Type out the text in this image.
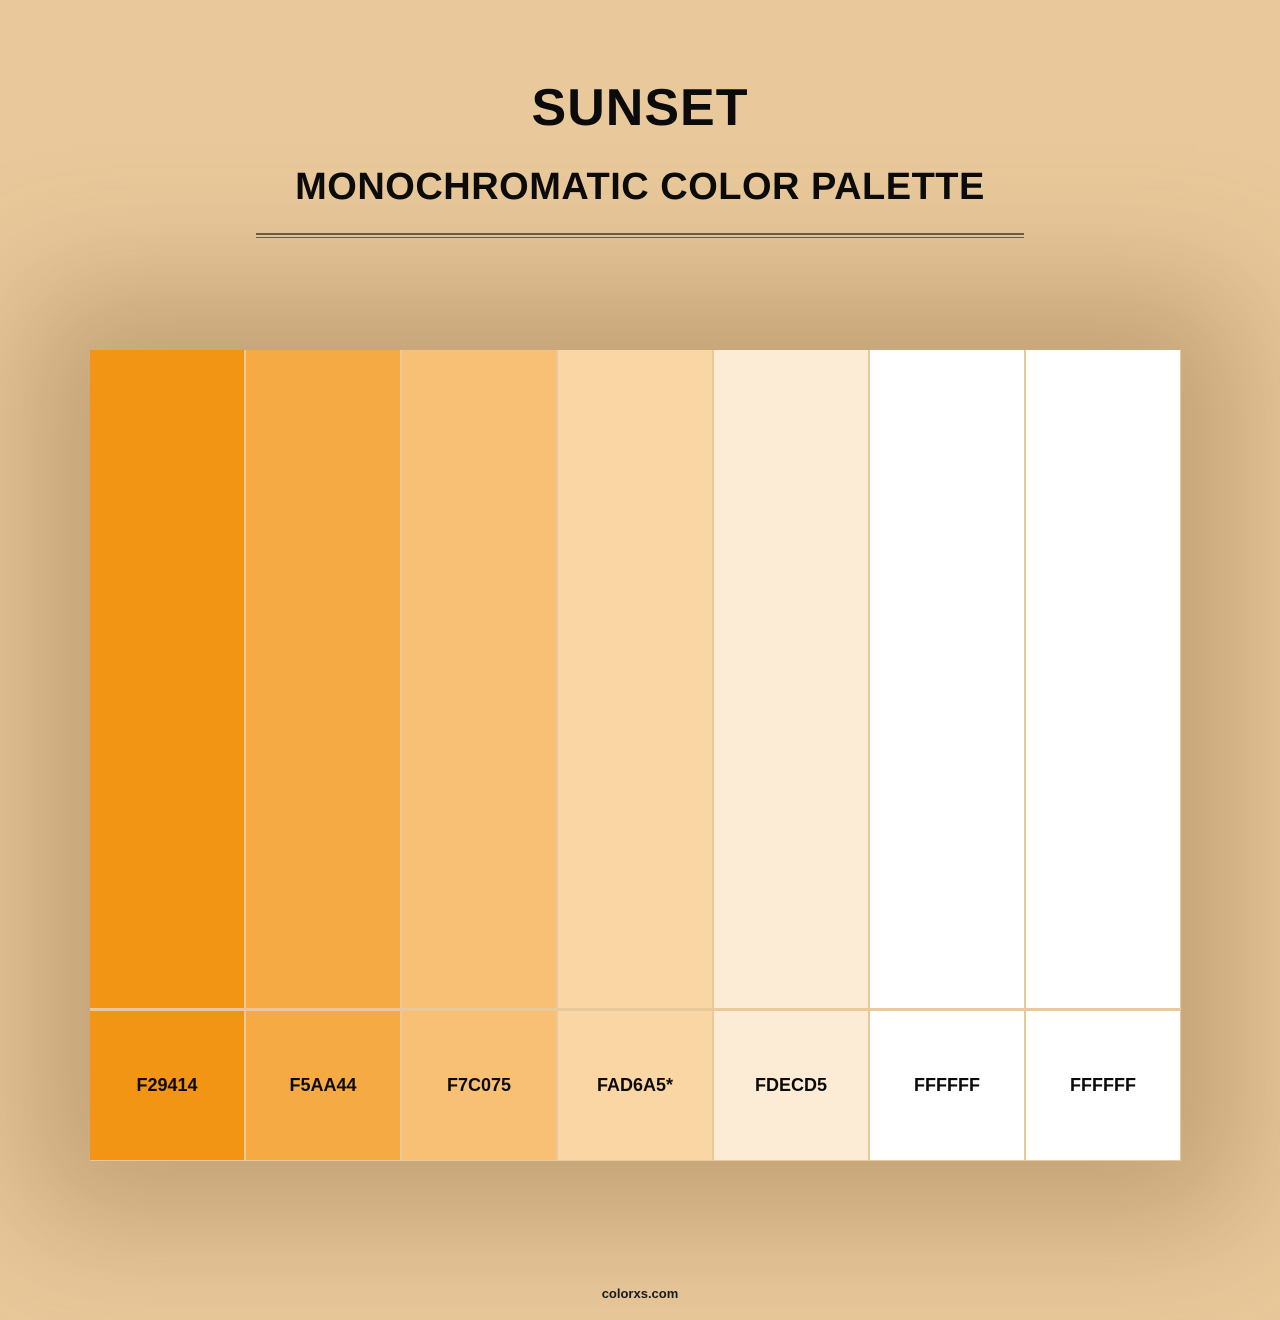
SUNSET
MONOCHROMATIC COLOR PALETTE
F29414	F5AA44	F7C075	FAD6A5*	FDECD5	FFFFFF	FFFFFF
colorxs.com
